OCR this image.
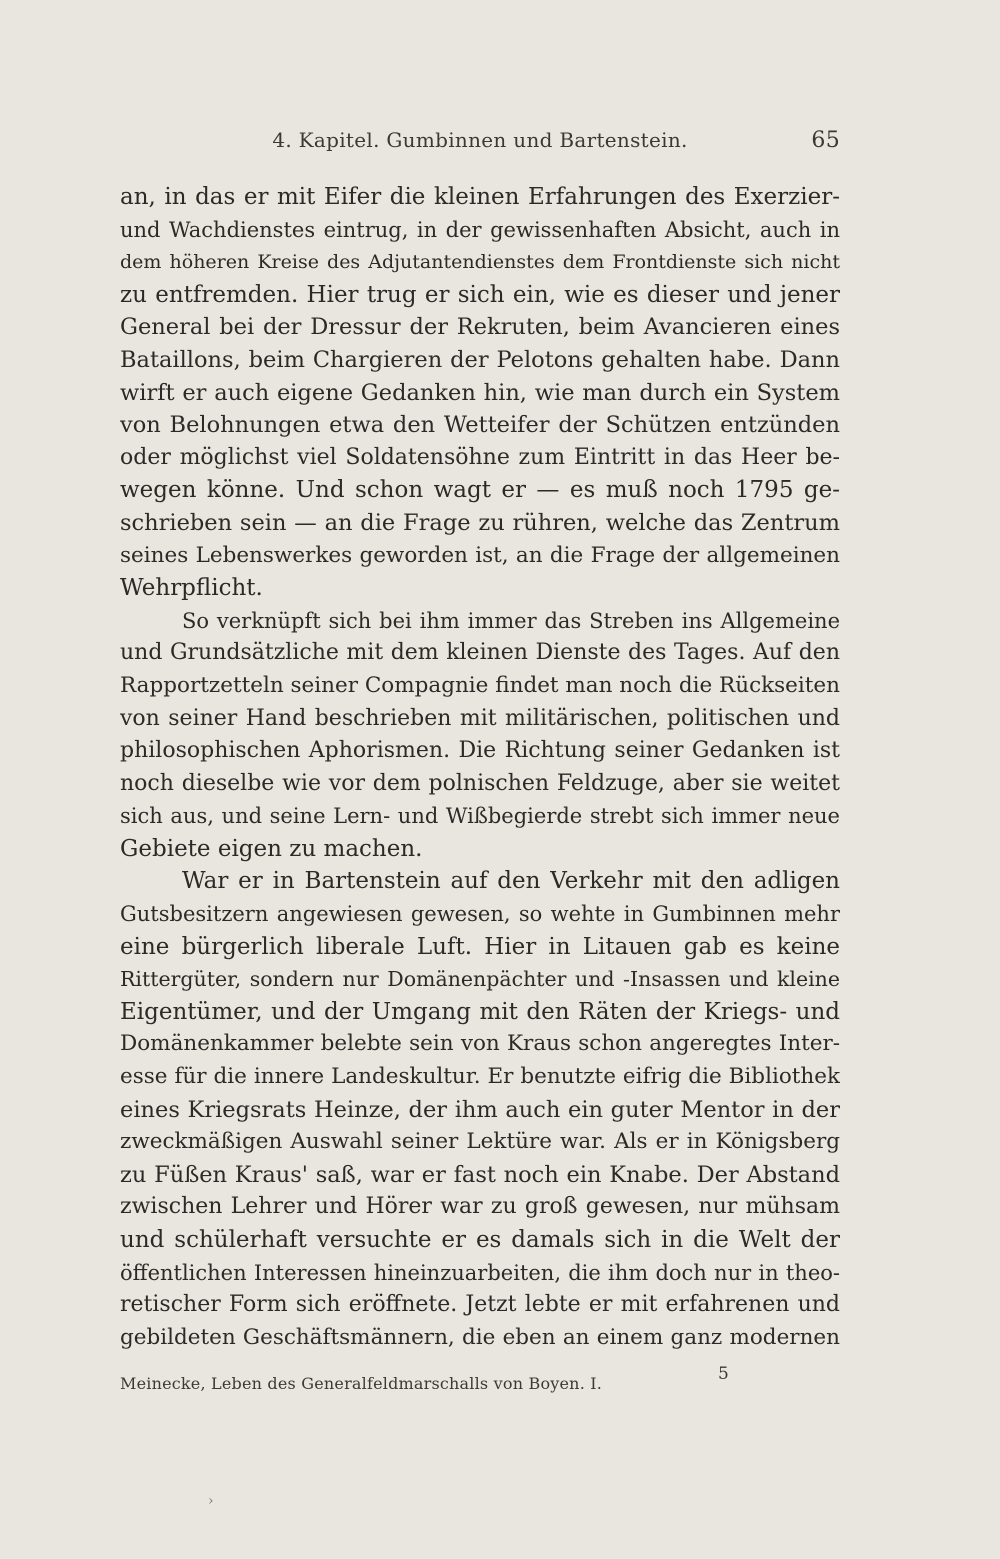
4. Kapitel. Gumbinnen und Bartenstein.	65
an, in das er mit Eifer die kleinen Erfahrungen des Exerzier-
und Wachdienstes eintrug, in der gewissenhaften Absicht, auch in
dem höheren Kreise des Adjutantendienstes dem Frontdienste sich nicht
zu entfremden. Hier trug er sich ein, wie es dieser und jener
General bei der Dressur der Rekruten, beim Avancieren eines
Bataillons, beim Chargieren der Pelotons gehalten habe. Dann
wirft er auch eigene Gedanken hin, wie man durch ein System
von Belohnungen etwa den Wetteifer der Schützen entzünden
oder möglichst viel Soldatensöhne zum Eintritt in das Heer be-
wegen könne. Und schon wagt er — es muß noch 1795 ge-
schrieben sein — an die Frage zu rühren, welche das Zentrum
seines Lebenswerkes geworden ist, an die Frage der allgemeinen
Wehrpflicht.
So verknüpft sich bei ihm immer das Streben ins Allgemeine
und Grundsätzliche mit dem kleinen Dienste des Tages. Auf den
Rapportzetteln seiner Compagnie findet man noch die Rückseiten
von seiner Hand beschrieben mit militärischen, politischen und
philosophischen Aphorismen. Die Richtung seiner Gedanken ist
noch dieselbe wie vor dem polnischen Feldzuge, aber sie weitet
sich aus, und seine Lern- und Wißbegierde strebt sich immer neue
Gebiete eigen zu machen.
War er in Bartenstein auf den Verkehr mit den adligen
Gutsbesitzern angewiesen gewesen, so wehte in Gumbinnen mehr
eine bürgerlich liberale Luft. Hier in Litauen gab es keine
Rittergüter, sondern nur Domänenpächter und -Insassen und kleine
Eigentümer, und der Umgang mit den Räten der Kriegs- und
Domänenkammer belebte sein von Kraus schon angeregtes Inter-
esse für die innere Landeskultur. Er benutzte eifrig die Bibliothek
eines Kriegsrats Heinze, der ihm auch ein guter Mentor in der
zweckmäßigen Auswahl seiner Lektüre war. Als er in Königsberg
zu Füßen Kraus' saß, war er fast noch ein Knabe. Der Abstand
zwischen Lehrer und Hörer war zu groß gewesen, nur mühsam
und schülerhaft versuchte er es damals sich in die Welt der
öffentlichen Interessen hineinzuarbeiten, die ihm doch nur in theo-
retischer Form sich eröffnete. Jetzt lebte er mit erfahrenen und
gebildeten Geschäftsmännern, die eben an einem ganz modernen
Meinecke, Leben des Generalfeldmarschalls von Boyen. I.	5
›
